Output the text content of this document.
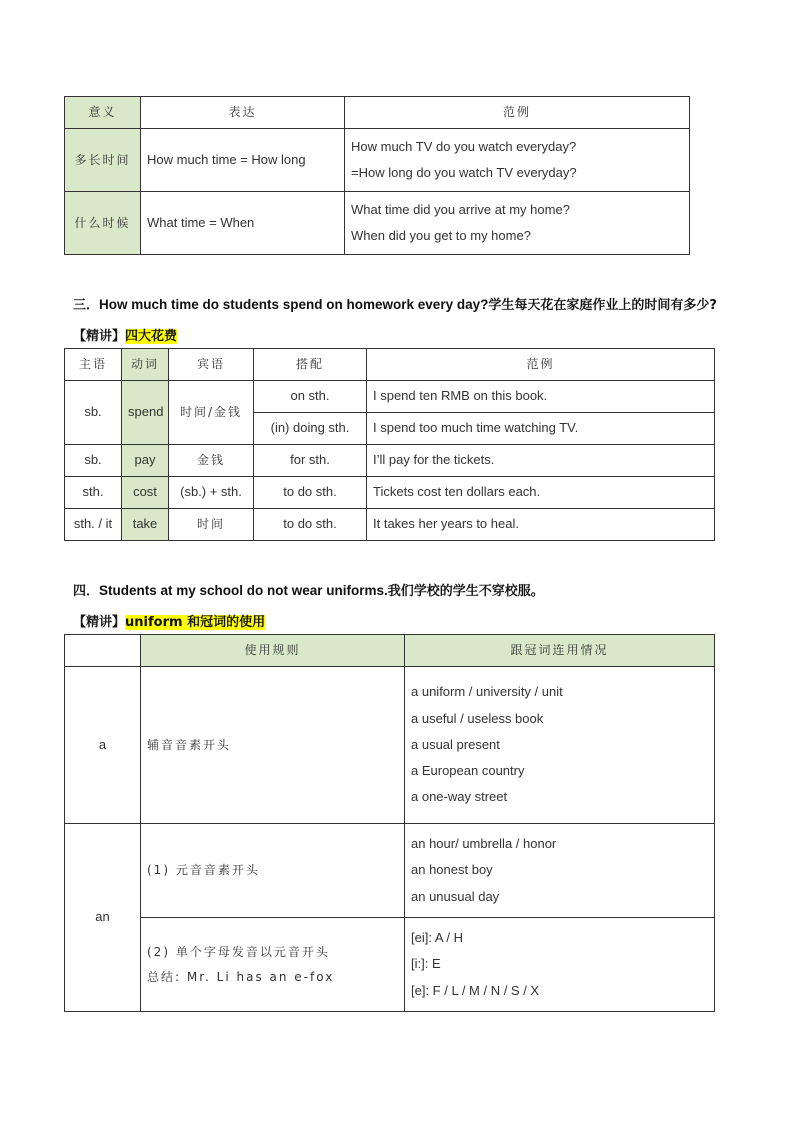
意义	表达	范例
多长时间	How much time = How long	How much TV do you watch everyday?
=How long do you watch TV everyday?

什么时候	What time = When	What time did you arrive at my home?
When did you get to my home?
三．How much time do students spend on homework every day?学生每天花在家庭作业上的时间有多少?
【精讲】四大花费
主语	动词	宾语	搭配	范例
sb.	spend	时间/金钱	on sth.	I spend ten RMB on this book.
			(in) doing sth.	I spend too much time watching TV.
sb.	pay	金钱	for sth.	I’ll pay for the tickets.
sth.	cost	(sb.) + sth.	to do sth.	Tickets cost ten dollars each.
sth. / it	take	时间	to do sth.	It takes her years to heal.
四．Students at my school do not wear uniforms.我们学校的学生不穿校服。
【精讲】uniform 和冠词的使用
	使用规则	跟冠词连用情况
a	辅音音素开头	a uniform / university / unit
a useful / useless book
a usual present
a European country
a one-way street

an	(1) 元音音素开头	an hour/ umbrella / honor
an honest boy
an unusual day

	(2) 单个字母发音以元音开头
总结: Mr. Li has an e-fox	[ei]: A / H
[i:]: E
[e]: F / L / M / N / S / X
